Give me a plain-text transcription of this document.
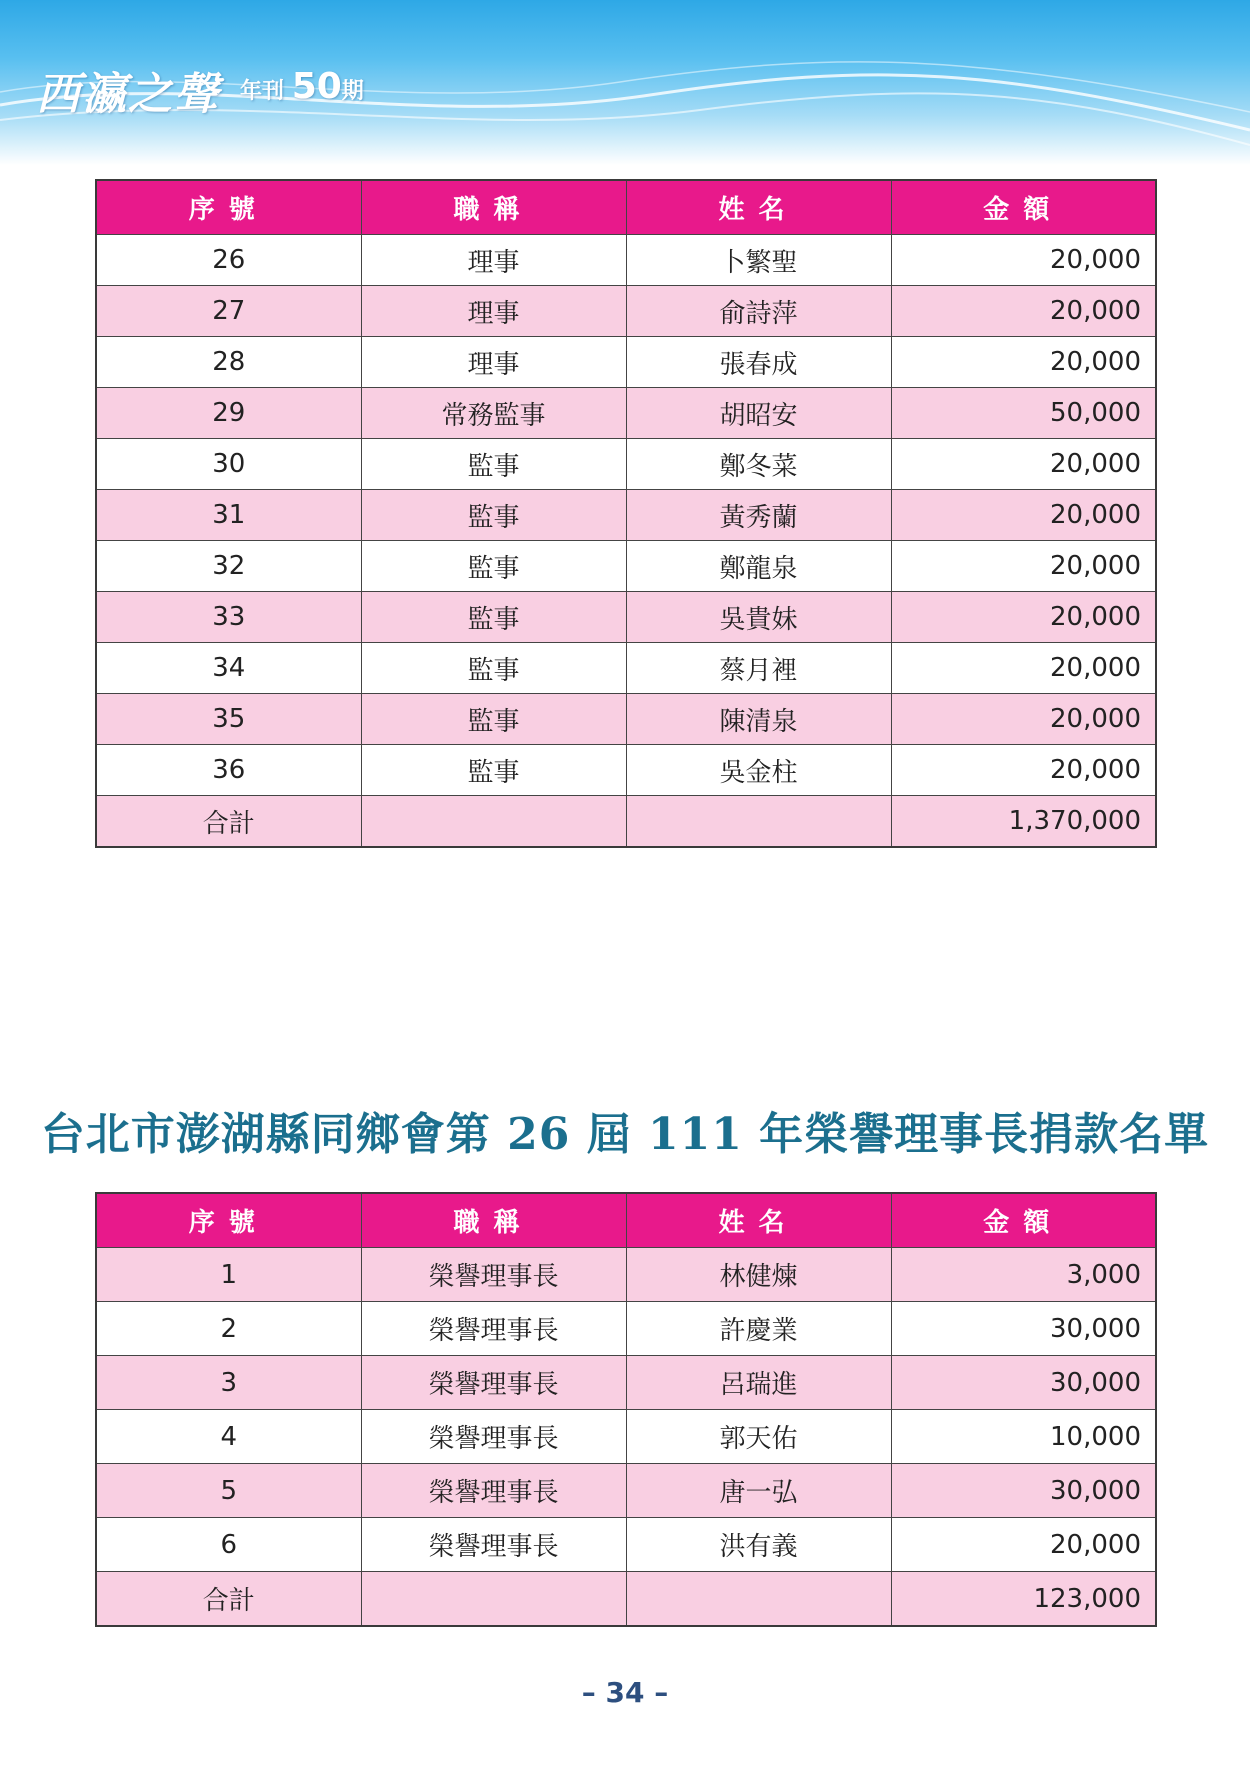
西瀛之聲 年刊 50期
序號	職稱	姓名	金額
26	理事	卜繁聖	20,000
27	理事	俞詩萍	20,000
28	理事	張春成	20,000
29	常務監事	胡昭安	50,000
30	監事	鄭冬菜	20,000
31	監事	黃秀蘭	20,000
32	監事	鄭龍泉	20,000
33	監事	吳貴妹	20,000
34	監事	蔡月裡	20,000
35	監事	陳清泉	20,000
36	監事	吳金柱	20,000
合計			1,370,000
台北市澎湖縣同鄉會第 26 屆 111 年榮譽理事長捐款名單
序號	職稱	姓名	金額
1	榮譽理事長	林健煉	3,000
2	榮譽理事長	許慶業	30,000
3	榮譽理事長	呂瑞進	30,000
4	榮譽理事長	郭天佑	10,000
5	榮譽理事長	唐一弘	30,000
6	榮譽理事長	洪有義	20,000
合計			123,000
– 34 –
